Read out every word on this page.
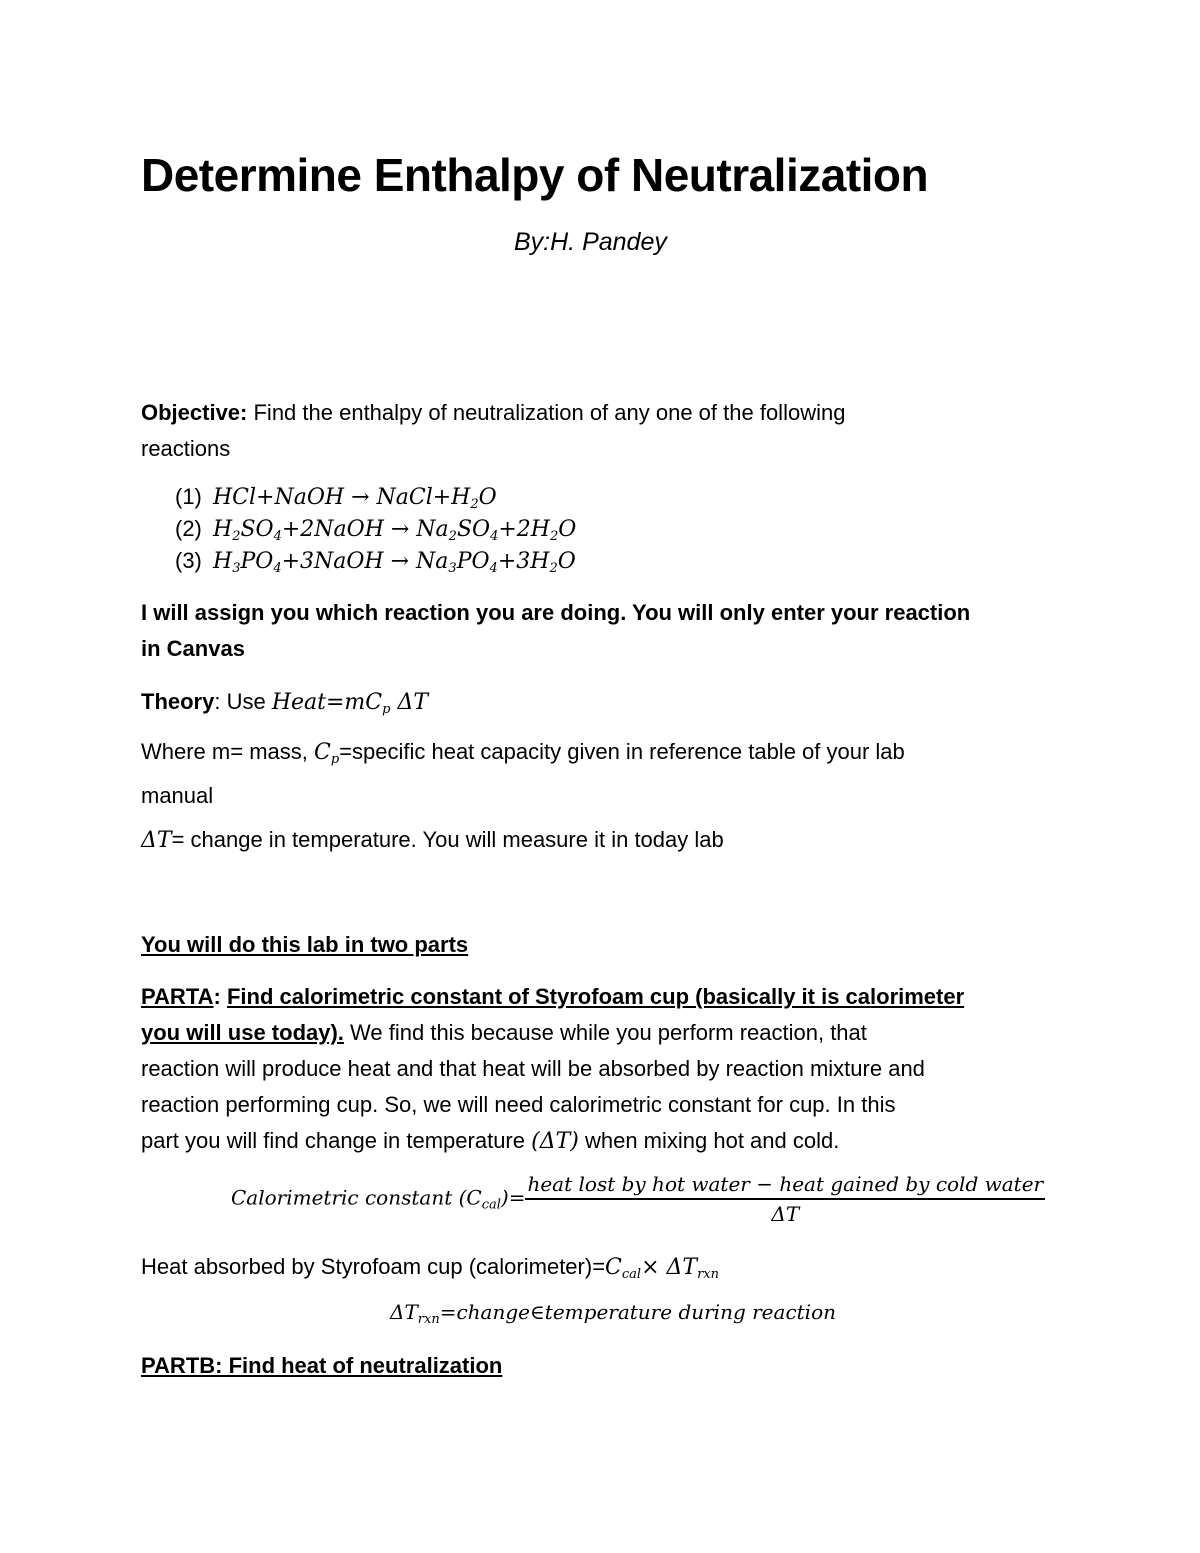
Determine Enthalpy of Neutralization
By:H. Pandey
Objective: Find the enthalpy of neutralization of any one of the following
reactions
(1) HCl+NaOH → $NaCl+H_2O$
(2) $H_2SO_4+2NaOH \to Na_2SO_4+2H_2O$
(3) $H_3PO_4+3NaOH \to Na_3PO_4+3H_2O$
I will assign you which reaction you are doing. You will only enter your reaction
in Canvas
Theory: Use $Heat=mC_p$ ΔT
Where m= mass, $C_p=specific$ heat capacity given in reference table of your lab
manual
ΔT= change in temperature. You will measure it in today lab
You will do this lab in two parts
PARTA: Find calorimetric constant of Styrofoam cup (basically it is calorimeter
you will use today). We find this because while you perform reaction, that
reaction will produce heat and that heat will be absorbed by reaction mixture and
reaction performing cup. So, we will need calorimetric constant for cup. In this
part you will find change in temperature (ΔT) when mixing hot and cold.
Calorimetric constant $(C_{cal})= \frac{\text{heat lost by hot water − heat gained by cold water}}{\Delta T}$
Heat absorbed by Styrofoam cup $(calorimeter)=C_{cal}\times \Delta T_{rxn}$
$\Delta T_{rxn}=change\in temperature$ during reaction
PARTB: Find heat of neutralization
